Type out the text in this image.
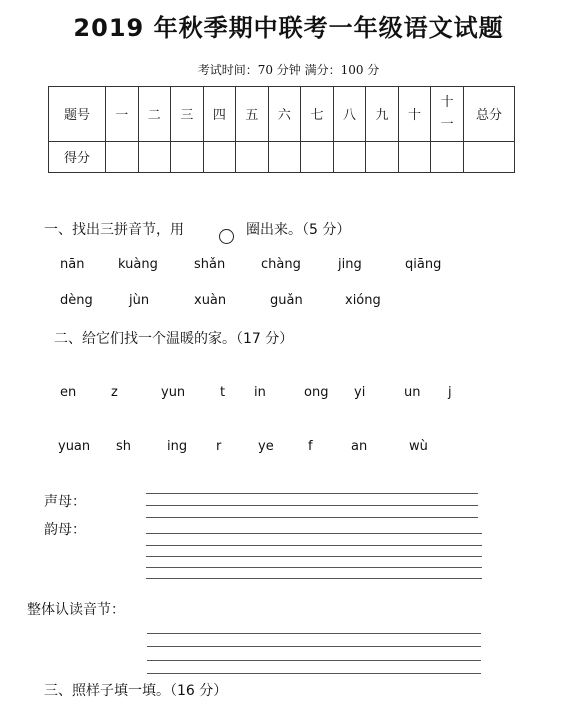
2019 年秋季期中联考一年级语文试题
考试时间：70 分钟 满分：100 分
题号	一	二	三	四	五	六	七	八	九	十	十一	总分
得分												
一、找出三拼音节，用	圈出来。（5 分）
nān	kuàng	shǎn	chàng	jing	qiāng
dèng	jùn	xuàn	guǎn	xióng
二、给它们找一个温暖的家。（17 分）
en	z	yun	t in	ong yi	un j
yuan sh	ing r	ye	f	an	wù
声母：
韵母：
整体认读音节：
三、照样子填一填。（16 分）
